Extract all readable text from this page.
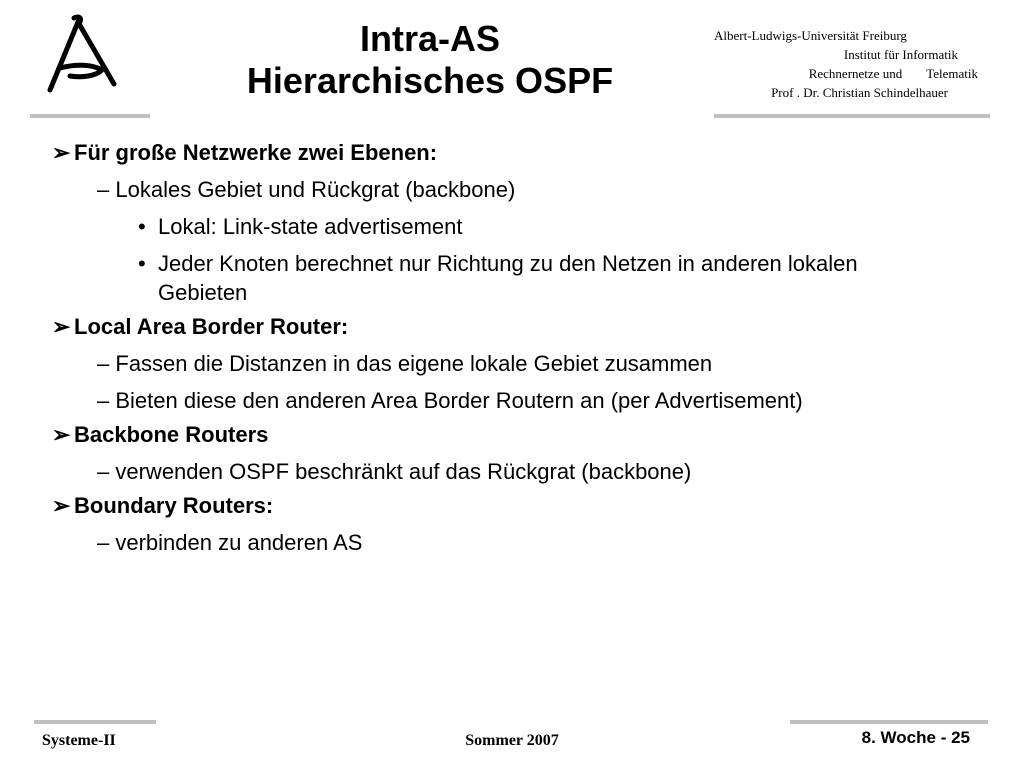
Intra-AS
Hierarchisches OSPF
Albert-Ludwigs-Universität Freiburg
Institut für Informatik
Rechnernetze und Telematik
Prof . Dr. Christian Schindelhauer
➢ Für große Netzwerke zwei Ebenen:
– Lokales Gebiet und Rückgrat (backbone)
• Lokal: Link-state advertisement
• Jeder Knoten berechnet nur Richtung zu den Netzen in anderen lokalen Gebieten
➢ Local Area Border Router:
– Fassen die Distanzen in das eigene lokale Gebiet zusammen
– Bieten diese den anderen Area Border Routern an (per Advertisement)
➢ Backbone Routers
– verwenden OSPF beschränkt auf das Rückgrat (backbone)
➢ Boundary Routers:
– verbinden zu anderen AS
Systeme-II	Sommer 2007	8. Woche - 25
